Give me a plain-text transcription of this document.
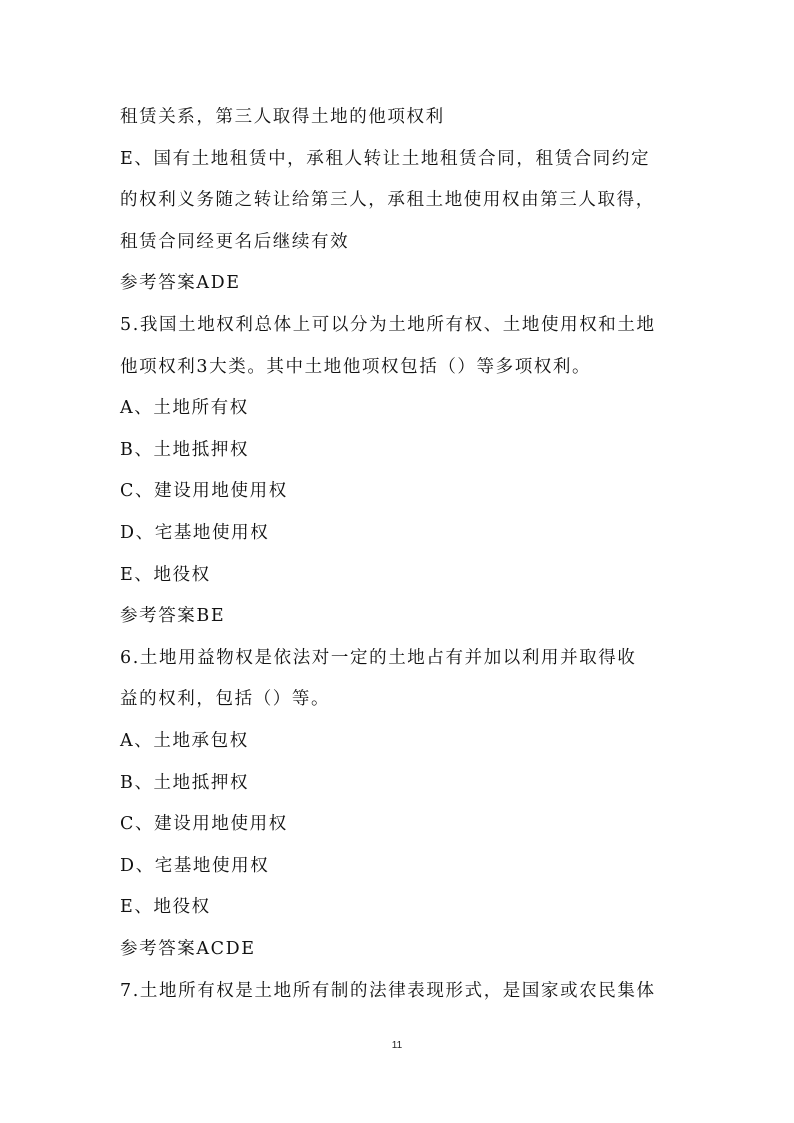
租赁关系，第三人取得土地的他项权利
E、国有土地租赁中，承租人转让土地租赁合同，租赁合同约定
的权利义务随之转让给第三人，承租土地使用权由第三人取得，
租赁合同经更名后继续有效
参考答案ADE
5.我国土地权利总体上可以分为土地所有权、土地使用权和土地
他项权利3大类。其中土地他项权包括（）等多项权利。
A、土地所有权
B、土地抵押权
C、建设用地使用权
D、宅基地使用权
E、地役权
参考答案BE
6.土地用益物权是依法对一定的土地占有并加以利用并取得收
益的权利，包括（）等。
A、土地承包权
B、土地抵押权
C、建设用地使用权
D、宅基地使用权
E、地役权
参考答案ACDE
7.土地所有权是土地所有制的法律表现形式，是国家或农民集体
11
